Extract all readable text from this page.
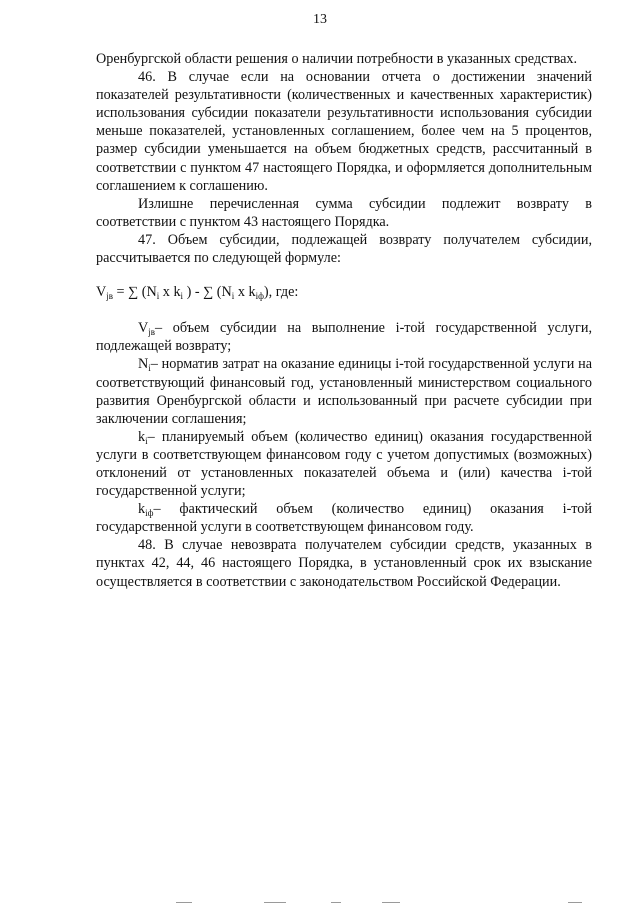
13

Оренбургской области решения о наличии потребности в указанных средствах.

46. В случае если на основании отчета о достижении значений показателей результативности (количественных и качественных характеристик) использования субсидии показатели результативности использования субсидии меньше показателей, установленных соглашением, более чем на 5 процентов, размер субсидии уменьшается на объем бюджетных средств, рассчитанный в соответствии с пунктом 47 настоящего Порядка, и оформляется дополнительным соглашением к соглашению.

Излишне перечисленная сумма субсидии подлежит возврату в соответствии с пунктом 43 настоящего Порядка.

47. Объем субсидии, подлежащей возврату получателем субсидии, рассчитывается по следующей формуле:

$V_{jв}$ = ∑ ($N_i$ x $k_i$ ) - ∑ ($N_i$ x $k_{iф}$), где:

$V_{jв}-$ объем субсидии на выполнение i-той государственной услуги, подлежащей возврату;

$N_i-$ норматив затрат на оказание единицы i-той государственной услуги на соответствующий финансовый год, установленный министерством социального развития Оренбургской области и использованный при расчете субсидии при заключении соглашения;

$k_i-$ планируемый объем (количество единиц) оказания государственной услуги в соответствующем финансовом году с учетом допустимых (возможных) отклонений от установленных показателей объема и (или) качества i-той государственной услуги;

$k_{iф}-$ фактический объем (количество единиц) оказания i-той государственной услуги в соответствующем финансовом году.

48. В случае невозврата получателем субсидии средств, указанных в пунктах 42, 44, 46 настоящего Порядка, в установленный срок их взыскание осуществляется в соответствии с законодательством Российской Федерации.
